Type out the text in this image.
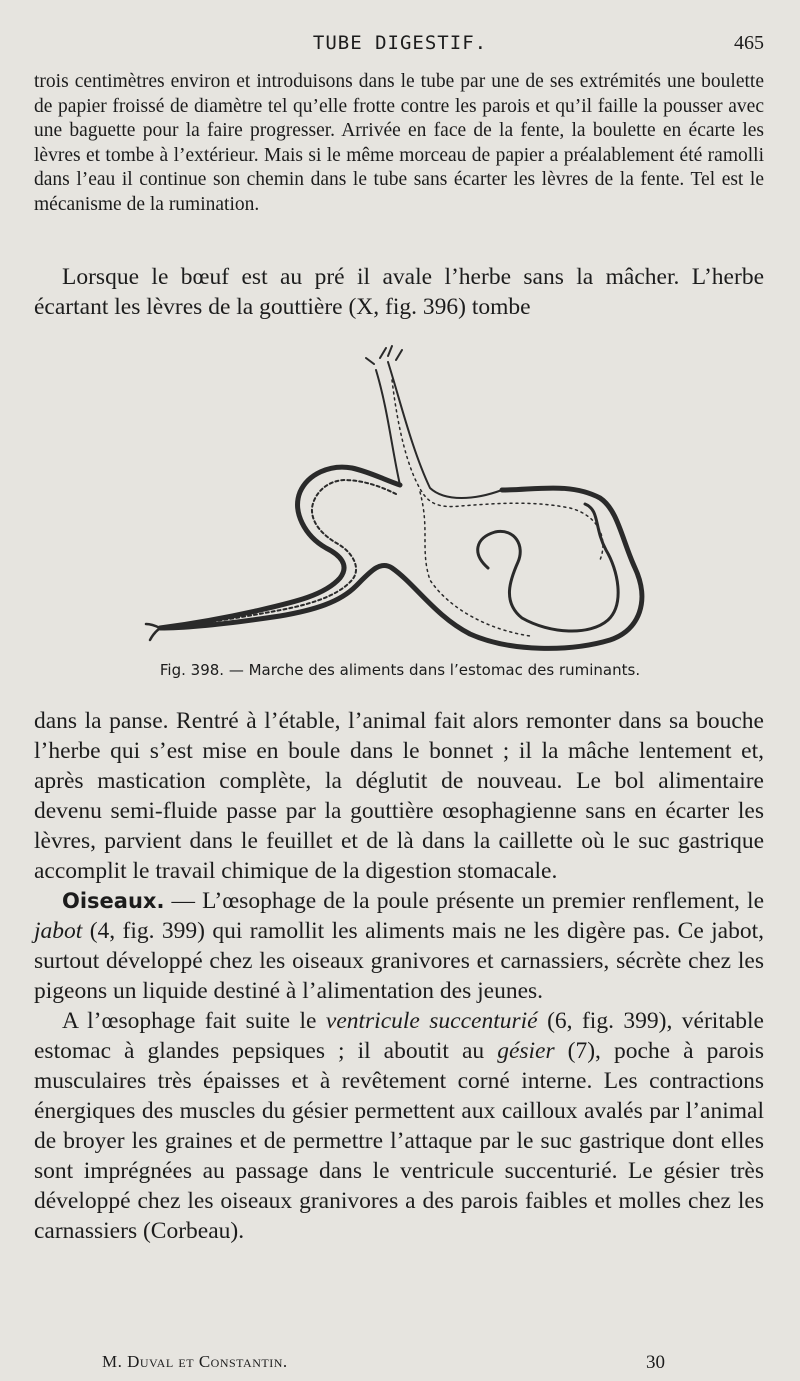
TUBE DIGESTIF.	465

trois centimètres environ et introduisons dans le tube par une de ses extrémités une boulette de papier froissé de diamètre tel qu’elle frotte contre les parois et qu’il faille la pousser avec une baguette pour la faire progresser. Arrivée en face de la fente, la boulette en écarte les lèvres et tombe à l’extérieur. Mais si le même morceau de papier a préalablement été ramolli dans l’eau il continue son chemin dans le tube sans écarter les lèvres de la fente. Tel est le mécanisme de la rumination.

Lorsque le bœuf est au pré il avale l’herbe sans la mâcher. L’herbe écartant les lèvres de la gouttière (X, fig. 396) tombe

Fig. 398. — Marche des aliments dans l’estomac des ruminants.

dans la panse. Rentré à l’étable, l’animal fait alors remonter dans sa bouche l’herbe qui s’est mise en boule dans le bonnet ; il la mâche lentement et, après mastication complète, la déglutit de nouveau. Le bol alimentaire devenu semi-fluide passe par la gouttière œsophagienne sans en écarter les lèvres, parvient dans le feuillet et de là dans la caillette où le suc gastrique accomplit le travail chimique de la digestion stomacale.

Oiseaux. — L’œsophage de la poule présente un premier renflement, le jabot (4, fig. 399) qui ramollit les aliments mais ne les digère pas. Ce jabot, surtout développé chez les oiseaux granivores et carnassiers, sécrète chez les pigeons un liquide destiné à l’alimentation des jeunes.

A l’œsophage fait suite le ventricule succenturié (6, fig. 399), véritable estomac à glandes pepsiques ; il aboutit au gésier (7), poche à parois musculaires très épaisses et à revêtement corné interne. Les contractions énergiques des muscles du gésier permettent aux cailloux avalés par l’animal de broyer les graines et de permettre l’attaque par le suc gastrique dont elles sont imprégnées au passage dans le ventricule succenturié. Le gésier très développé chez les oiseaux granivores a des parois faibles et molles chez les carnassiers (Corbeau).

M. Duval et Constantin.	30
